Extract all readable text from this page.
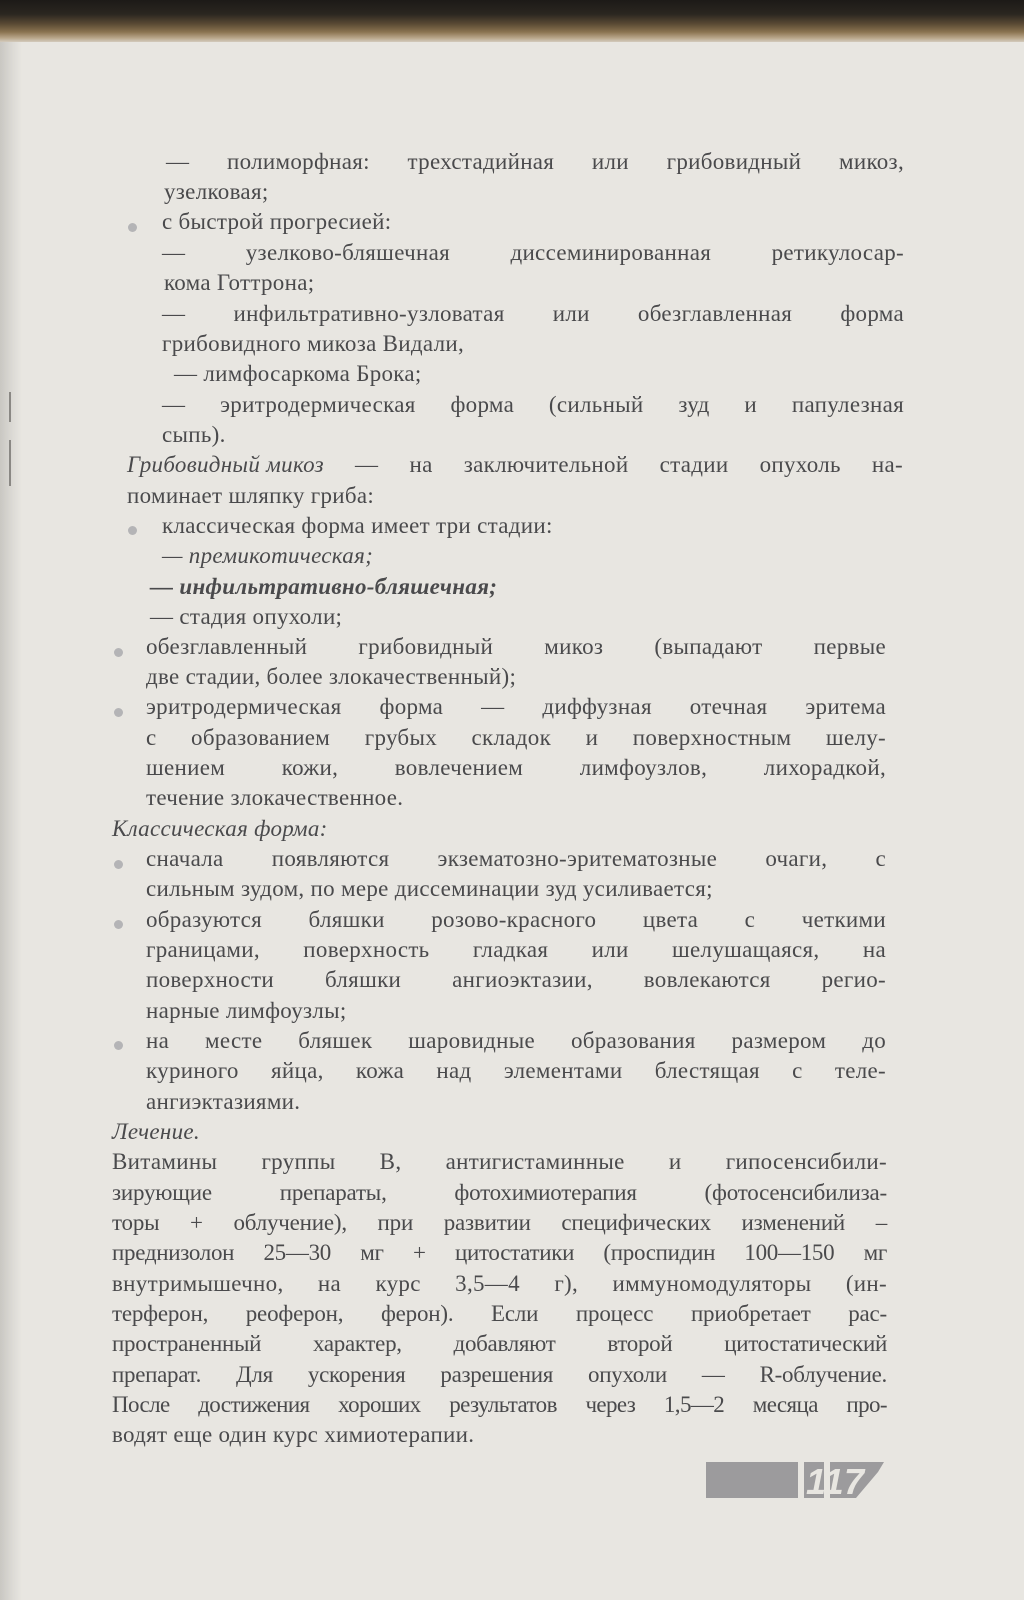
— полиморфная: трехстадийная или грибовидный микоз,
узелковая;
с быстрой прогресией:
— узелково-бляшечная диссеминированная ретикулосар-
кома Готтрона;
— инфильтративно-узловатая или обезглавленная форма
грибовидного микоза Видали,
— лимфосаркома Брока;
— эритродермическая форма (сильный зуд и папулезная
сыпь).
Грибовидный микоз — на заключительной стадии опухоль на-
поминает шляпку гриба:
классическая форма имеет три стадии:
— премикотическая;
— инфильтративно-бляшечная;
— стадия опухоли;
обезглавленный грибовидный микоз (выпадают первые
две стадии, более злокачественный);
эритродермическая форма — диффузная отечная эритема
с образованием грубых складок и поверхностным шелу-
шением кожи, вовлечением лимфоузлов, лихорадкой,
течение злокачественное.
Классическая форма:
сначала появляются экзематозно-эритематозные очаги, с
сильным зудом, по мере диссеминации зуд усиливается;
образуются бляшки розово-красного цвета с четкими
границами, поверхность гладкая или шелушащаяся, на
поверхности бляшки ангиоэктазии, вовлекаются регио-
нарные лимфоузлы;
на месте бляшек шаровидные образования размером до
куриного яйца, кожа над элементами блестящая с теле-
ангиэктазиями.
Лечение.
Витамины группы В, антигистаминные и гипосенсибили-
зирующие препараты, фотохимиотерапия (фотосенсибилиза-
торы + облучение), при развитии специфических изменений –
преднизолон 25—30 мг + цитостатики (проспидин 100—150 мг
внутримышечно, на курс 3,5—4 г), иммуномодуляторы (ин-
терферон, реоферон, ферон). Если процесс приобретает рас-
пространенный характер, добавляют второй цитостатический
препарат. Для ускорения разрешения опухоли — R-облучение.
После достижения хороших результатов через 1,5—2 месяца про-
водят еще один курс химиотерапии.
117
